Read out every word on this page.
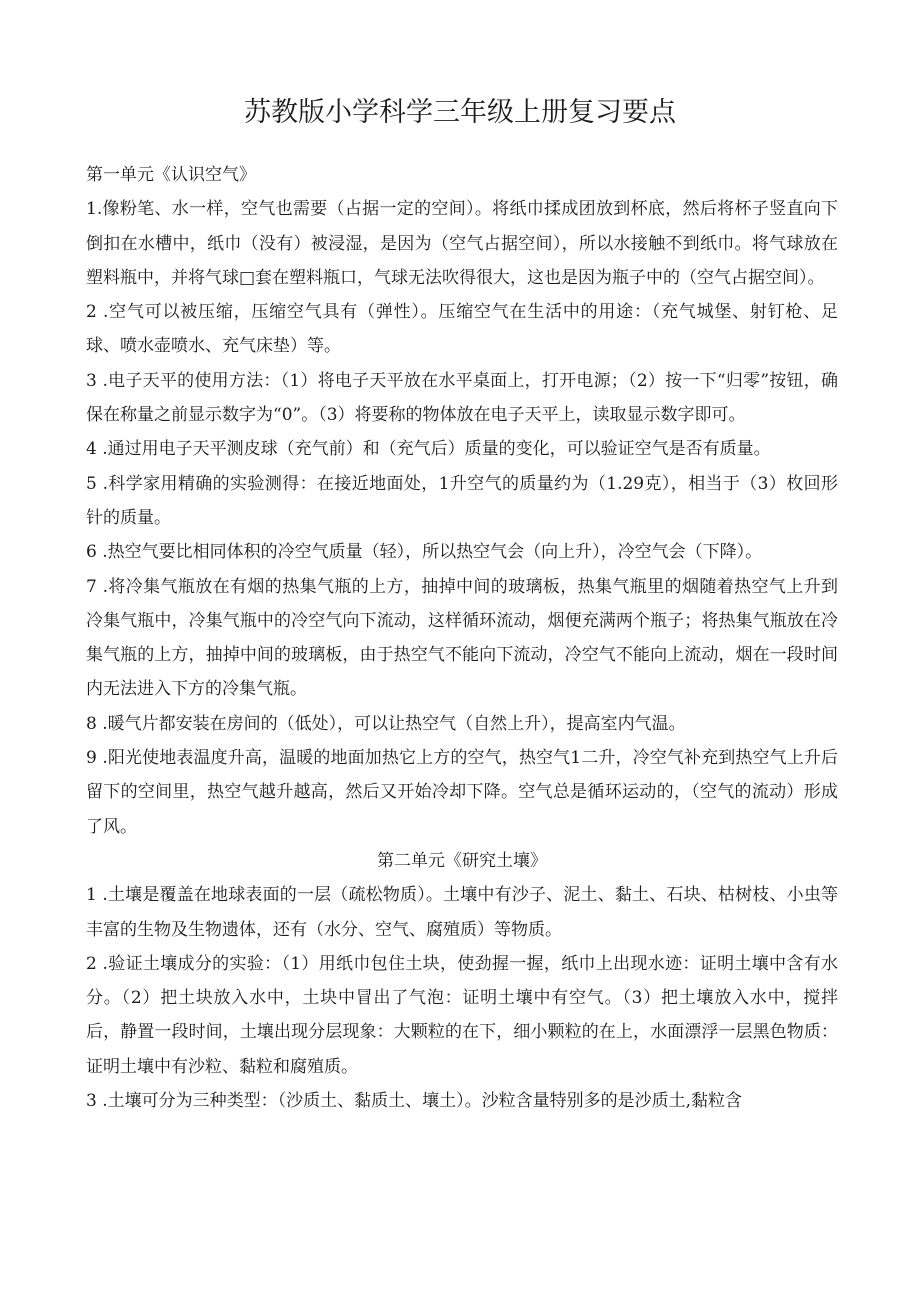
苏教版小学科学三年级上册复习要点

第一单元《认识空气》

1.像粉笔、水一样，空气也需要（占据一定的空间）。将纸巾揉成团放到杯底，然后将杯子竖直向下倒扣在水槽中，纸巾（没有）被浸湿，是因为（空气占据空间），所以水接触不到纸巾。将气球放在塑料瓶中，并将气球□套在塑料瓶口，气球无法吹得很大，这也是因为瓶子中的（空气占据空间）。

2 .空气可以被压缩，压缩空气具有（弹性）。压缩空气在生活中的用途：（充气城堡、射钉枪、足球、喷水壶喷水、充气床垫）等。

3 .电子天平的使用方法：（1）将电子天平放在水平桌面上，打开电源；（2）按一下“归零”按钮，确保在称量之前显示数字为“0”。（3）将要称的物体放在电子天平上，读取显示数字即可。

4 .通过用电子天平测皮球（充气前）和（充气后）质量的变化，可以验证空气是否有质量。

5 .科学家用精确的实验测得：在接近地面处，1升空气的质量约为（1.29克），相当于（3）枚回形针的质量。

6 .热空气要比相同体积的冷空气质量（轻），所以热空气会（向上升），冷空气会（下降）。

7 .将冷集气瓶放在有烟的热集气瓶的上方，抽掉中间的玻璃板，热集气瓶里的烟随着热空气上升到冷集气瓶中，冷集气瓶中的冷空气向下流动，这样循环流动，烟便充满两个瓶子；将热集气瓶放在冷集气瓶的上方，抽掉中间的玻璃板，由于热空气不能向下流动，冷空气不能向上流动，烟在一段时间内无法进入下方的冷集气瓶。

8 .暖气片都安装在房间的（低处），可以让热空气（自然上升），提高室内气温。

9 .阳光使地表温度升高，温暖的地面加热它上方的空气，热空气1二升，冷空气补充到热空气上升后留下的空间里，热空气越升越高，然后又开始冷却下降。空气总是循环运动的，（空气的流动）形成了风。

第二单元《研究土壤》

1 .土壤是覆盖在地球表面的一层（疏松物质）。土壤中有沙子、泥土、黏土、石块、枯树枝、小虫等丰富的生物及生物遗体，还有（水分、空气、腐殖质）等物质。

2 .验证土壤成分的实验：（1）用纸巾包住土块，使劲握一握，纸巾上出现水迹：证明土壤中含有水分。（2）把土块放入水中，土块中冒出了气泡：证明土壤中有空气。（3）把土壤放入水中，搅拌后，静置一段时间，土壤出现分层现象：大颗粒的在下，细小颗粒的在上，水面漂浮一层黑色物质：证明土壤中有沙粒、黏粒和腐殖质。

3 .土壤可分为三种类型：（沙质土、黏质土、壤土）。沙粒含量特别多的是沙质土,黏粒含
